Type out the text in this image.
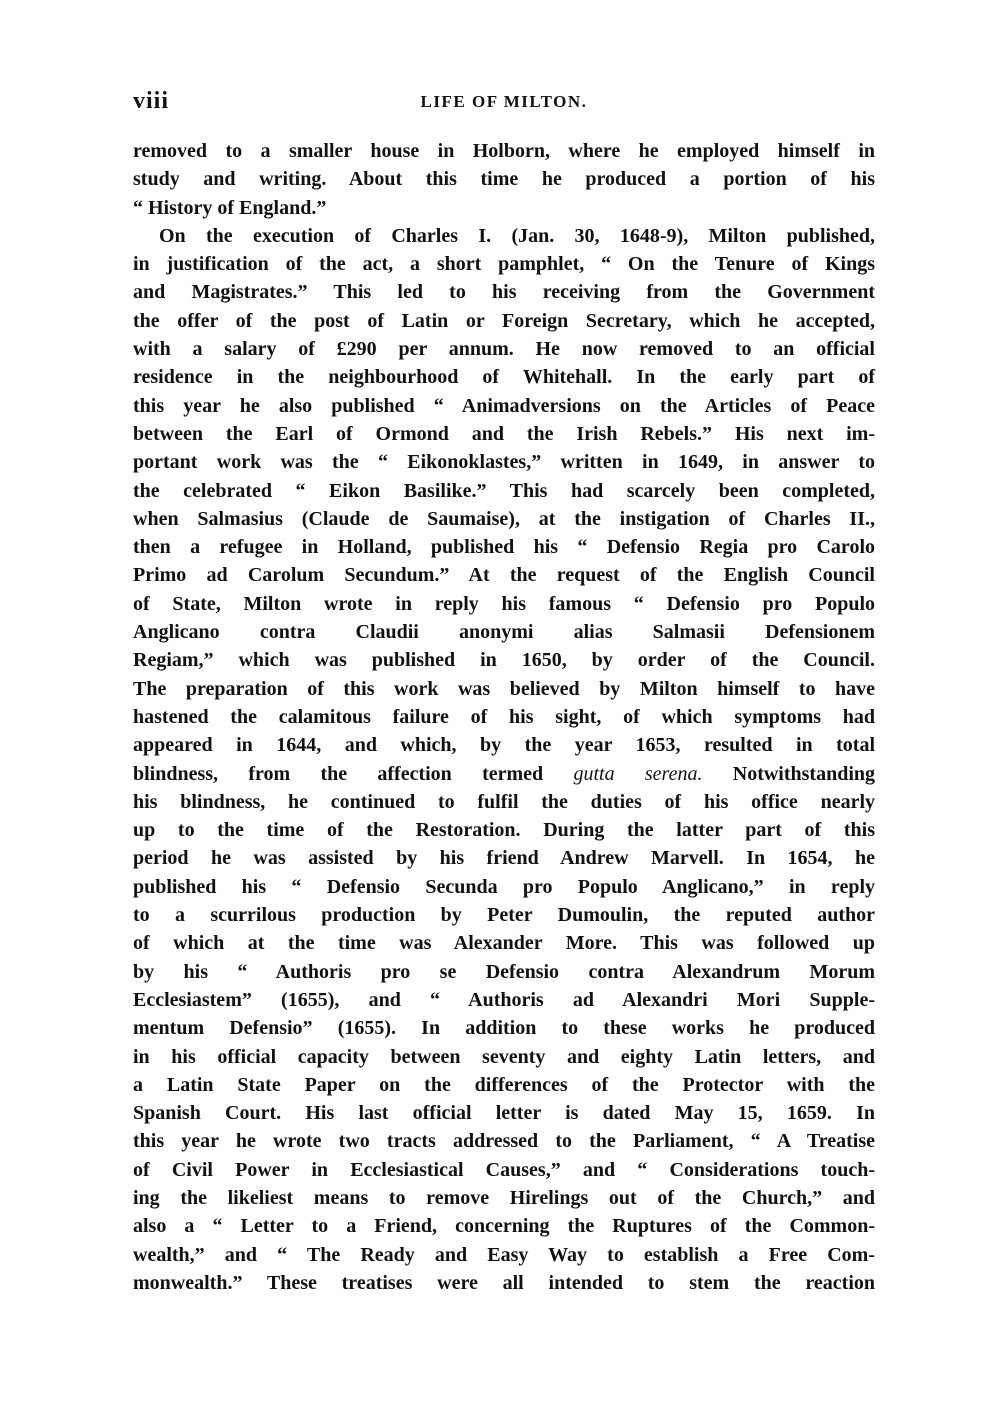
viii	LIFE OF MILTON.
removed to a smaller house in Holborn, where he employed himself in
study and writing. About this time he produced a portion of his
“ History of England.”
On the execution of Charles I. (Jan. 30, 1648-9), Milton published,
in justification of the act, a short pamphlet, “ On the Tenure of Kings
and Magistrates.” This led to his receiving from the Government
the offer of the post of Latin or Foreign Secretary, which he accepted,
with a salary of £290 per annum. He now removed to an official
residence in the neighbourhood of Whitehall. In the early part of
this year he also published “ Animadversions on the Articles of Peace
between the Earl of Ormond and the Irish Rebels.” His next im-
portant work was the “ Eikonoklastes,” written in 1649, in answer to
the celebrated “ Eikon Basilike.” This had scarcely been completed,
when Salmasius (Claude de Saumaise), at the instigation of Charles II.,
then a refugee in Holland, published his “ Defensio Regia pro Carolo
Primo ad Carolum Secundum.” At the request of the English Council
of State, Milton wrote in reply his famous “ Defensio pro Populo
Anglicano contra Claudii anonymi alias Salmasii Defensionem
Regiam,” which was published in 1650, by order of the Council.
The preparation of this work was believed by Milton himself to have
hastened the calamitous failure of his sight, of which symptoms had
appeared in 1644, and which, by the year 1653, resulted in total
blindness, from the affection termed gutta serena. Notwithstanding
his blindness, he continued to fulfil the duties of his office nearly
up to the time of the Restoration. During the latter part of this
period he was assisted by his friend Andrew Marvell. In 1654, he
published his “ Defensio Secunda pro Populo Anglicano,” in reply
to a scurrilous production by Peter Dumoulin, the reputed author
of which at the time was Alexander More. This was followed up
by his “ Authoris pro se Defensio contra Alexandrum Morum
Ecclesiastem” (1655), and “ Authoris ad Alexandri Mori Supple-
mentum Defensio” (1655). In addition to these works he produced
in his official capacity between seventy and eighty Latin letters, and
a Latin State Paper on the differences of the Protector with the
Spanish Court. His last official letter is dated May 15, 1659. In
this year he wrote two tracts addressed to the Parliament, “ A Treatise
of Civil Power in Ecclesiastical Causes,” and “ Considerations touch-
ing the likeliest means to remove Hirelings out of the Church,” and
also a “ Letter to a Friend, concerning the Ruptures of the Common-
wealth,” and “ The Ready and Easy Way to establish a Free Com-
monwealth.” These treatises were all intended to stem the reaction
